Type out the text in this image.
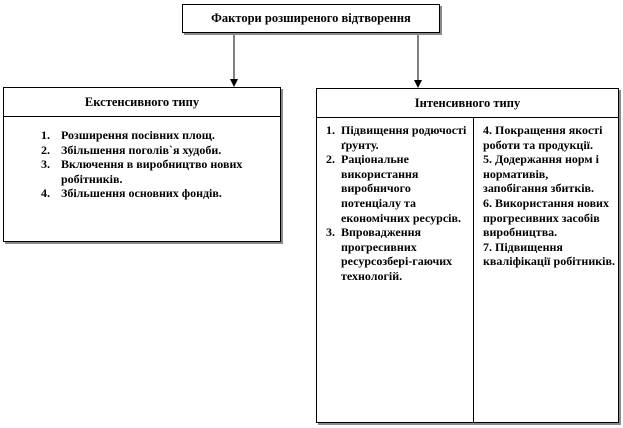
Фактори розширеного відтворення
Екстенсивного типу
1. Розширення посівних площ.
2. Збільшення поголів`я худоби.
3. Включення в виробництво нових робітників.
4. Збільшення основних фондів.
Інтенсивного типу
1. Підвищення родючості ґрунту.
2. Раціональне використання виробничого потенціалу та економічних ресурсів.
3. Впровадження прогресивних ресурсозбері-гаючих технологій.
4. Покращення якості роботи та продукції.
5. Додержання норм і нормативів, запобігання збитків.
6. Використання нових прогресивних засобів виробництва.
7. Підвищення кваліфікації робітників.
